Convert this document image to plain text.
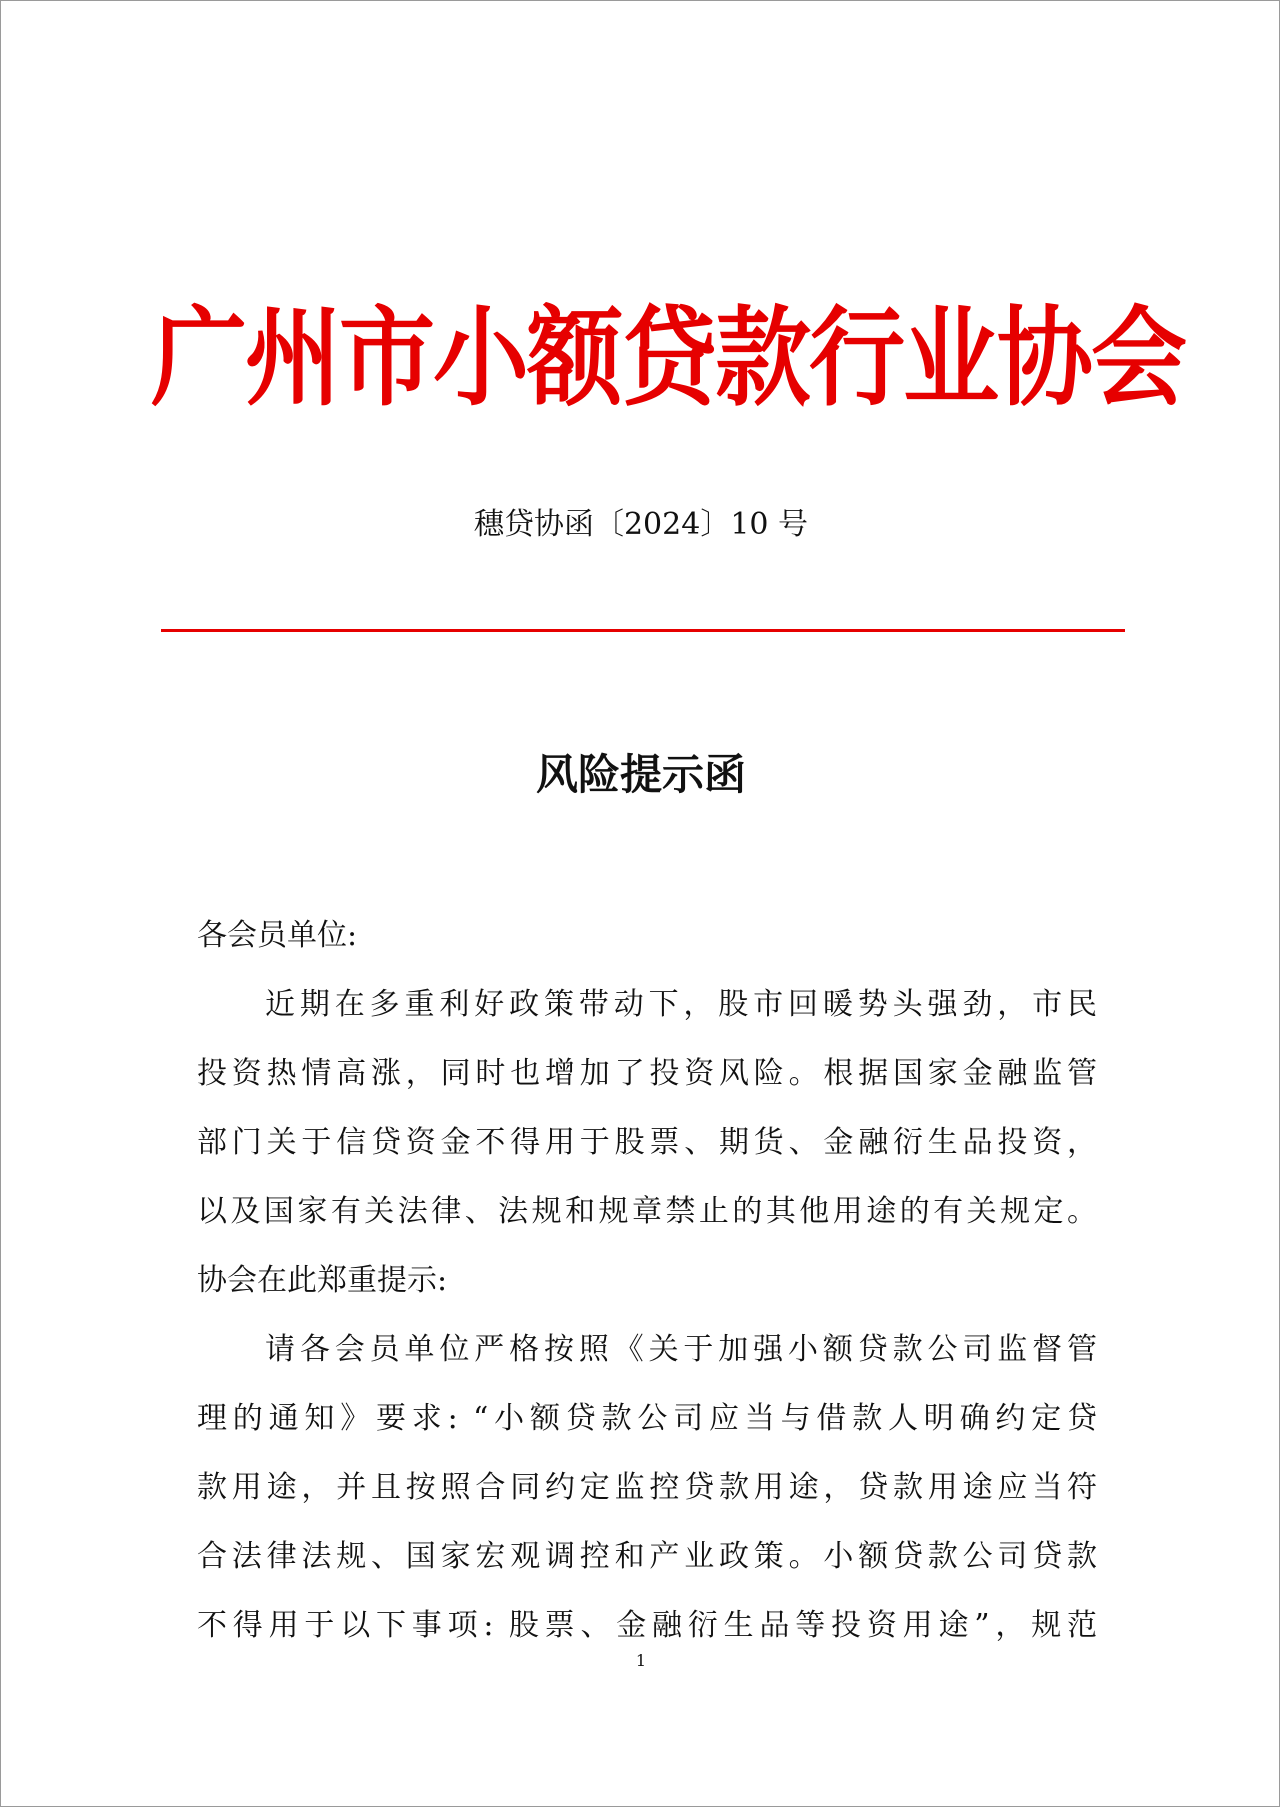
广州市小额贷款行业协会
穗贷协函〔2024〕10 号
风险提示函
各会员单位:
近期在多重利好政策带动下，股市回暖势头强劲，市民
投资热情高涨，同时也增加了投资风险。根据国家金融监管
部门关于信贷资金不得用于股票、期货、金融衍生品投资，
以及国家有关法律、法规和规章禁止的其他用途的有关规定。
协会在此郑重提示:
请各会员单位严格按照《关于加强小额贷款公司监督管
理的通知》要求: “小额贷款公司应当与借款人明确约定贷
款用途，并且按照合同约定监控贷款用途，贷款用途应当符
合法律法规、国家宏观调控和产业政策。小额贷款公司贷款
不得用于以下事项: 股票、金融衍生品等投资用途”，规范
1
